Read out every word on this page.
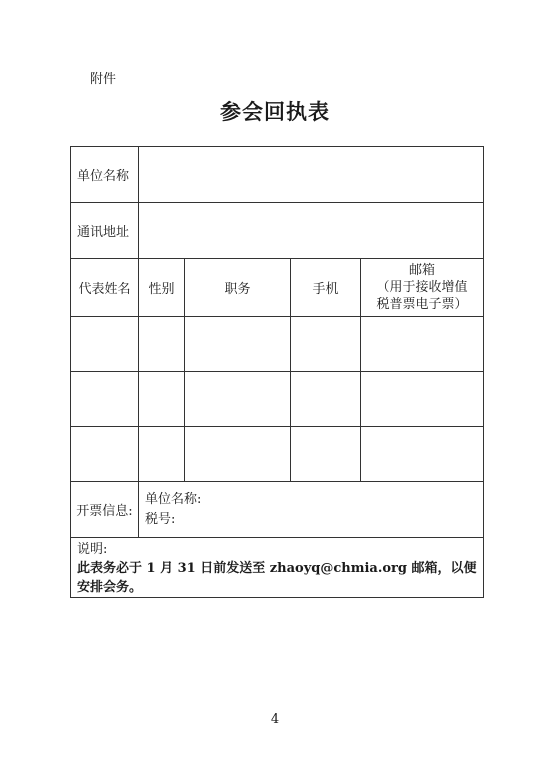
附件
参会回执表
单位名称				
通讯地址				
代表姓名	性别	职务	手机	邮箱
（用于接收增值
税普票电子票）

开票信息:	单位名称:
税号:			

说明:
此表务必于 1 月 31 日前发送至 zhaoyq@chmia.org 邮箱，以便安排会务。				
4
